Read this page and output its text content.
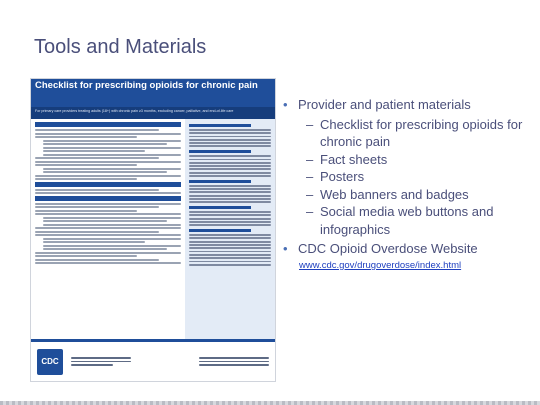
Tools and Materials
Checklist for prescribing opioids for chronic pain
For primary care providers treating adults (18+) with chronic pain ≥3 months, excluding cancer, palliative, and end-of-life care
CDC
• Provider and patient materials
– Checklist for prescribing opioids for chronic pain
– Fact sheets
– Posters
– Web banners and badges
– Social media web buttons and infographics
• CDC Opioid Overdose Website
www.cdc.gov/drugoverdose/index.html
